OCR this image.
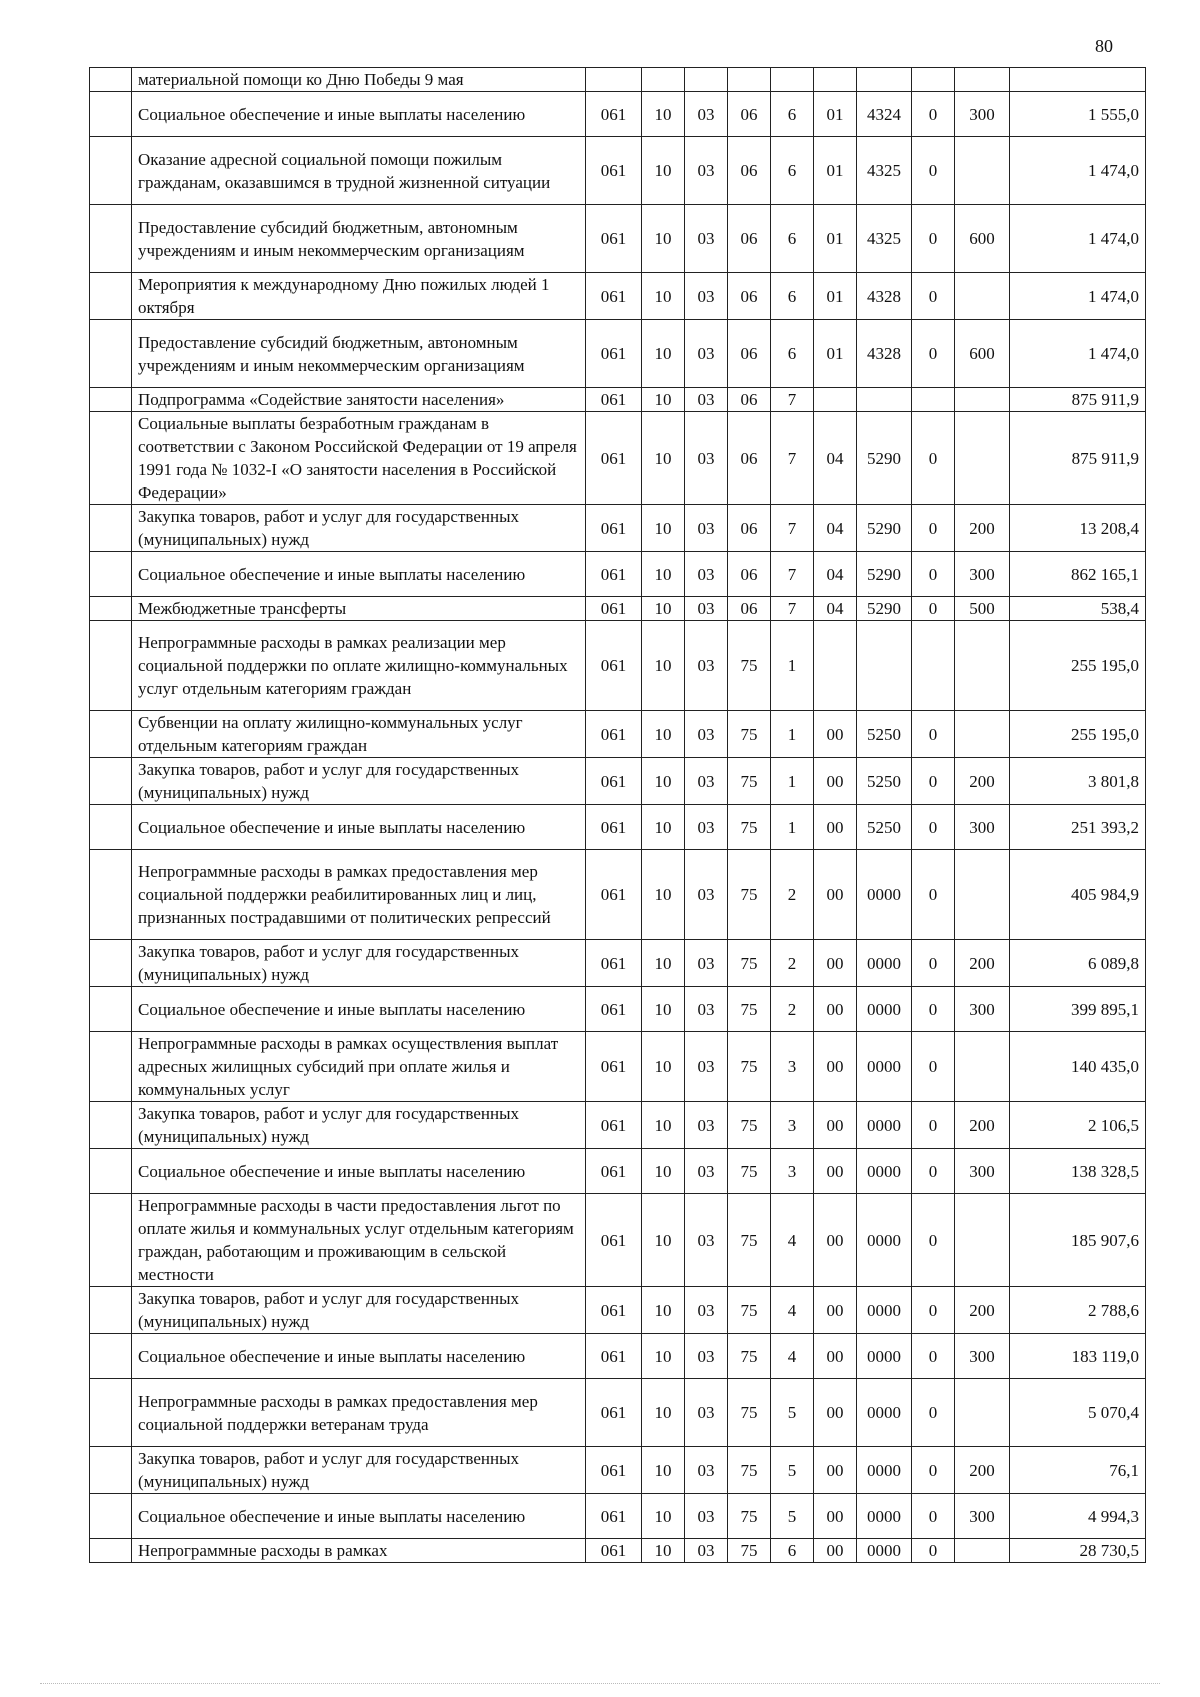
80
	материальной помощи ко Дню Победы 9 мая										
	Социальное обеспечение и иные выплаты населению	061	10	03	06	6	01	4324	0	300	1 555,0
	Оказание адресной социальной помощи пожилым гражданам, оказавшимся в трудной жизненной ситуации	061	10	03	06	6	01	4325	0		1 474,0
	Предоставление субсидий бюджетным, автономным учреждениям и иным некоммерческим организациям	061	10	03	06	6	01	4325	0	600	1 474,0
	Мероприятия к международному Дню пожилых людей 1 октября	061	10	03	06	6	01	4328	0		1 474,0
	Предоставление субсидий бюджетным, автономным учреждениям и иным некоммерческим организациям	061	10	03	06	6	01	4328	0	600	1 474,0
	Подпрограмма «Содействие занятости населения»	061	10	03	06	7					875 911,9
	Социальные выплаты безработным гражданам в соответствии с Законом Российской Федерации от 19 апреля 1991 года № 1032-I «О занятости населения в Российской Федерации»	061	10	03	06	7	04	5290	0		875 911,9
	Закупка товаров, работ и услуг для государственных (муниципальных) нужд	061	10	03	06	7	04	5290	0	200	13 208,4
	Социальное обеспечение и иные выплаты населению	061	10	03	06	7	04	5290	0	300	862 165,1
	Межбюджетные трансферты	061	10	03	06	7	04	5290	0	500	538,4
	Непрограммные расходы в рамках реализации мер социальной поддержки по оплате жилищно-коммунальных услуг отдельным категориям граждан	061	10	03	75	1					255 195,0
	Субвенции на оплату жилищно-коммунальных услуг отдельным категориям граждан	061	10	03	75	1	00	5250	0		255 195,0
	Закупка товаров, работ и услуг для государственных (муниципальных) нужд	061	10	03	75	1	00	5250	0	200	3 801,8
	Социальное обеспечение и иные выплаты населению	061	10	03	75	1	00	5250	0	300	251 393,2
	Непрограммные расходы в рамках предоставления мер социальной поддержки реабилитированных лиц и лиц, признанных пострадавшими от политических репрессий	061	10	03	75	2	00	0000	0		405 984,9
	Закупка товаров, работ и услуг для государственных (муниципальных) нужд	061	10	03	75	2	00	0000	0	200	6 089,8
	Социальное обеспечение и иные выплаты населению	061	10	03	75	2	00	0000	0	300	399 895,1
	Непрограммные расходы в рамках осуществления выплат адресных жилищных субсидий при оплате жилья и коммунальных услуг	061	10	03	75	3	00	0000	0		140 435,0
	Закупка товаров, работ и услуг для государственных (муниципальных) нужд	061	10	03	75	3	00	0000	0	200	2 106,5
	Социальное обеспечение и иные выплаты населению	061	10	03	75	3	00	0000	0	300	138 328,5
	Непрограммные расходы в части предоставления льгот по оплате жилья и коммунальных услуг отдельным категориям граждан, работающим и проживающим в сельской местности	061	10	03	75	4	00	0000	0		185 907,6
	Закупка товаров, работ и услуг для государственных (муниципальных) нужд	061	10	03	75	4	00	0000	0	200	2 788,6
	Социальное обеспечение и иные выплаты населению	061	10	03	75	4	00	0000	0	300	183 119,0
	Непрограммные расходы в рамках предоставления мер социальной поддержки ветеранам труда	061	10	03	75	5	00	0000	0		5 070,4
	Закупка товаров, работ и услуг для государственных (муниципальных) нужд	061	10	03	75	5	00	0000	0	200	76,1
	Социальное обеспечение и иные выплаты населению	061	10	03	75	5	00	0000	0	300	4 994,3
	Непрограммные расходы в рамках	061	10	03	75	6	00	0000	0		28 730,5
